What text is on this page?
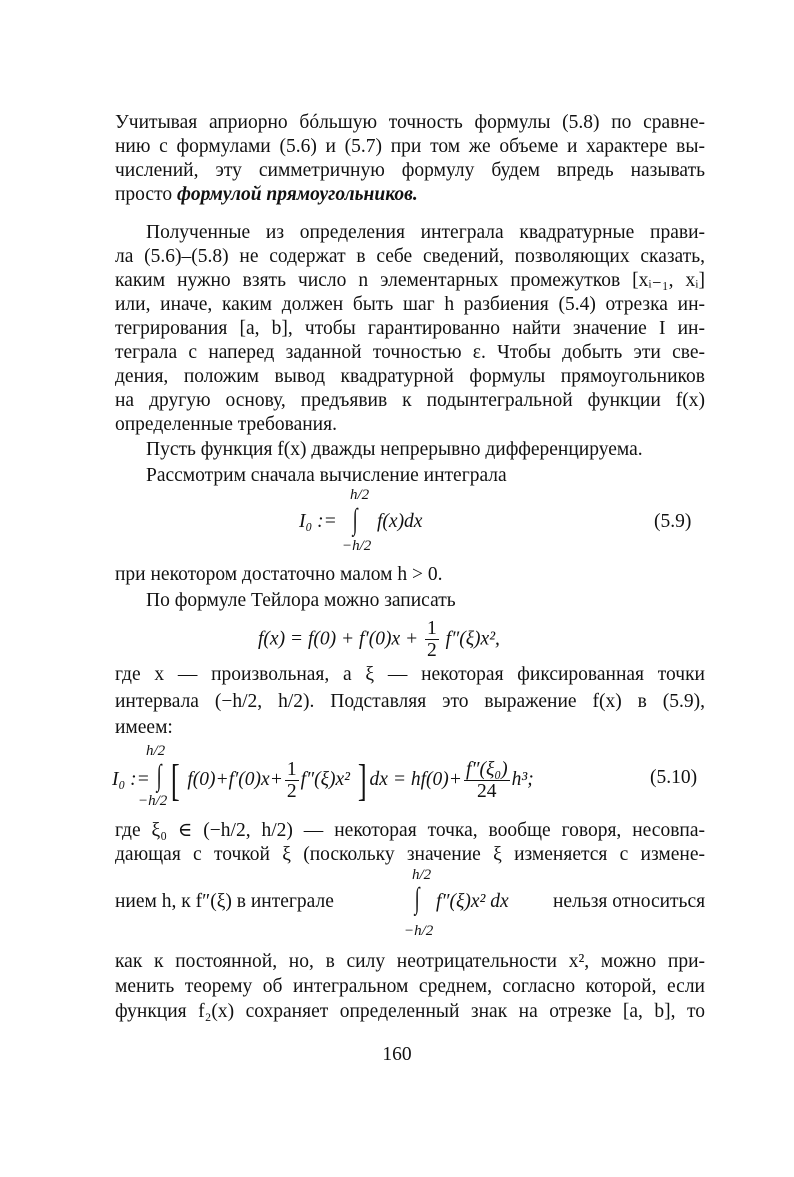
Учитывая априорно бóльшую точность формулы (5.8) по сравне-
нию с формулами (5.6) и (5.7) при том же объеме и характере вы-
числений, эту симметричную формулу будем впредь называть
просто формулой прямоугольников.
Полученные из определения интеграла квадратурные прави-
ла (5.6)–(5.8) не содержат в себе сведений, позволяющих сказать,
каким нужно взять число n элементарных промежутков [xᵢ₋₁, xᵢ]
или, иначе, каким должен быть шаг h разбиения (5.4) отрезка ин-
тегрирования [a, b], чтобы гарантированно найти значение I ин-
теграла с наперед заданной точностью ε. Чтобы добыть эти све-
дения, положим вывод квадратурной формулы прямоугольников
на другую основу, предъявив к подынтегральной функции f(x)
определенные требования.
Пусть функция f(x) дважды непрерывно дифференцируема.
Рассмотрим сначала вычисление интеграла
h/2
I₀ := ∫ f(x)dx
−h/2
(5.9)
при некотором достаточно малом h > 0.
По формуле Тейлора можно записать
$f(x) = f(0) + f'(0)x + \frac{1}{2} f''(\xi)x^2$,
где x — произвольная, а ξ — некоторая фиксированная точки
интервала (−h/2, h/2). Подставляя это выражение f(x) в (5.9),
имеем:
h/2
−h/2
I₀ := ∫ [ $f(0)+f'(0)x+ \frac{1}{2} f''(\xi)x^2$ ] dx = $hf(0)+ \frac{\text{f″(ξ₀)}}{24} h^3$;	(5.10)
где ξ₀ ∈ (−h/2, h/2) — некоторая точка, вообще говоря, несовпа-
дающая с точкой ξ (поскольку значение ξ изменяется с измене-
нием h, к f″(ξ) в интеграле
h/2
∫
−h/2
f″(ξ)x² dx нельзя относиться
как к постоянной, но, в силу неотрицательности x², можно при-
менить теорему об интегральном среднем, согласно которой, если
функция f₂(x) сохраняет определенный знак на отрезке [a, b], то
160
